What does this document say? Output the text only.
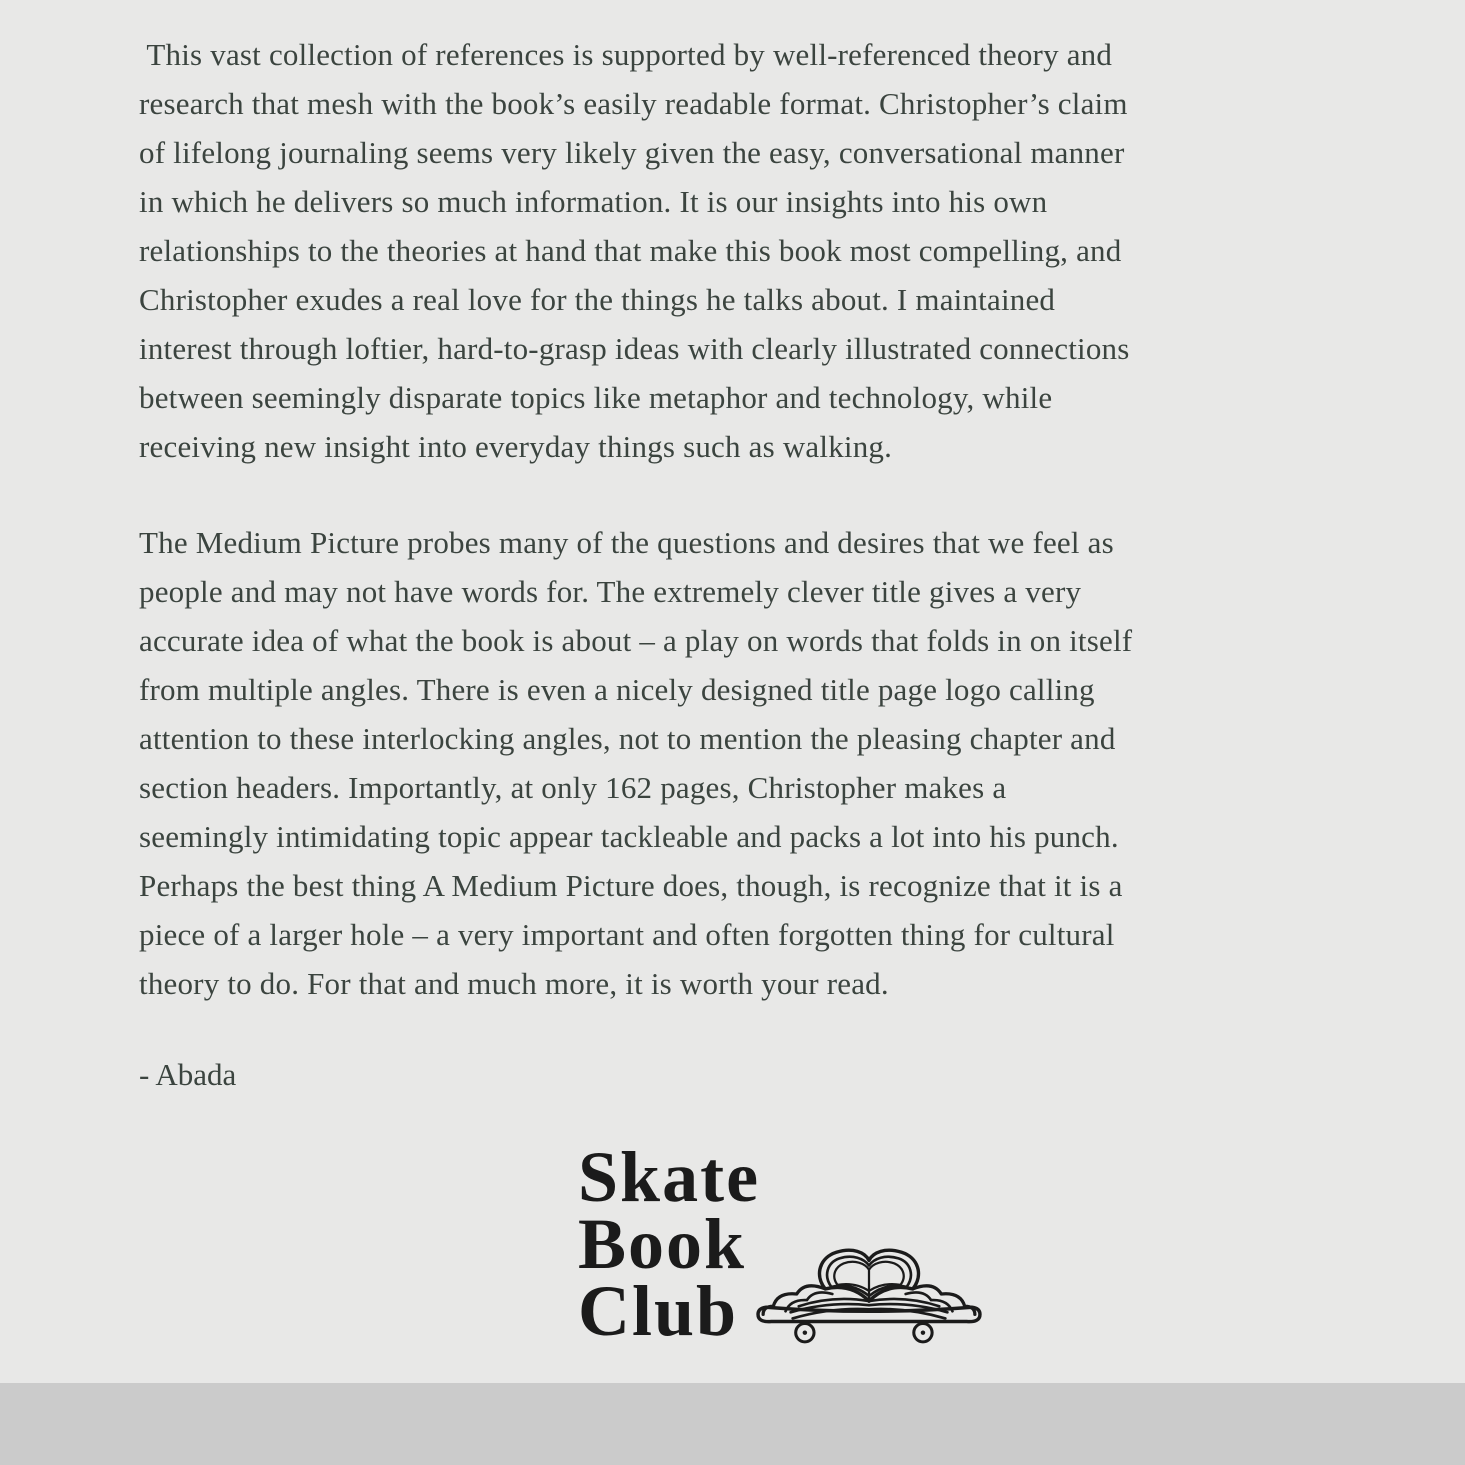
This vast collection of references is supported by well-referenced theory and
research that mesh with the book’s easily readable format. Christopher’s claim
of lifelong journaling seems very likely given the easy, conversational manner
in which he delivers so much information. It is our insights into his own
relationships to the theories at hand that make this book most compelling, and
Christopher exudes a real love for the things he talks about. I maintained
interest through loftier, hard-to-grasp ideas with clearly illustrated connections
between seemingly disparate topics like metaphor and technology, while
receiving new insight into everyday things such as walking.
The Medium Picture probes many of the questions and desires that we feel as
people and may not have words for. The extremely clever title gives a very
accurate idea of what the book is about – a play on words that folds in on itself
from multiple angles. There is even a nicely designed title page logo calling
attention to these interlocking angles, not to mention the pleasing chapter and
section headers. Importantly, at only 162 pages, Christopher makes a
seemingly intimidating topic appear tackleable and packs a lot into his punch.
Perhaps the best thing A Medium Picture does, though, is recognize that it is a
piece of a larger hole – a very important and often forgotten thing for cultural
theory to do. For that and much more, it is worth your read.
- Abada
Skate
Book
Club
